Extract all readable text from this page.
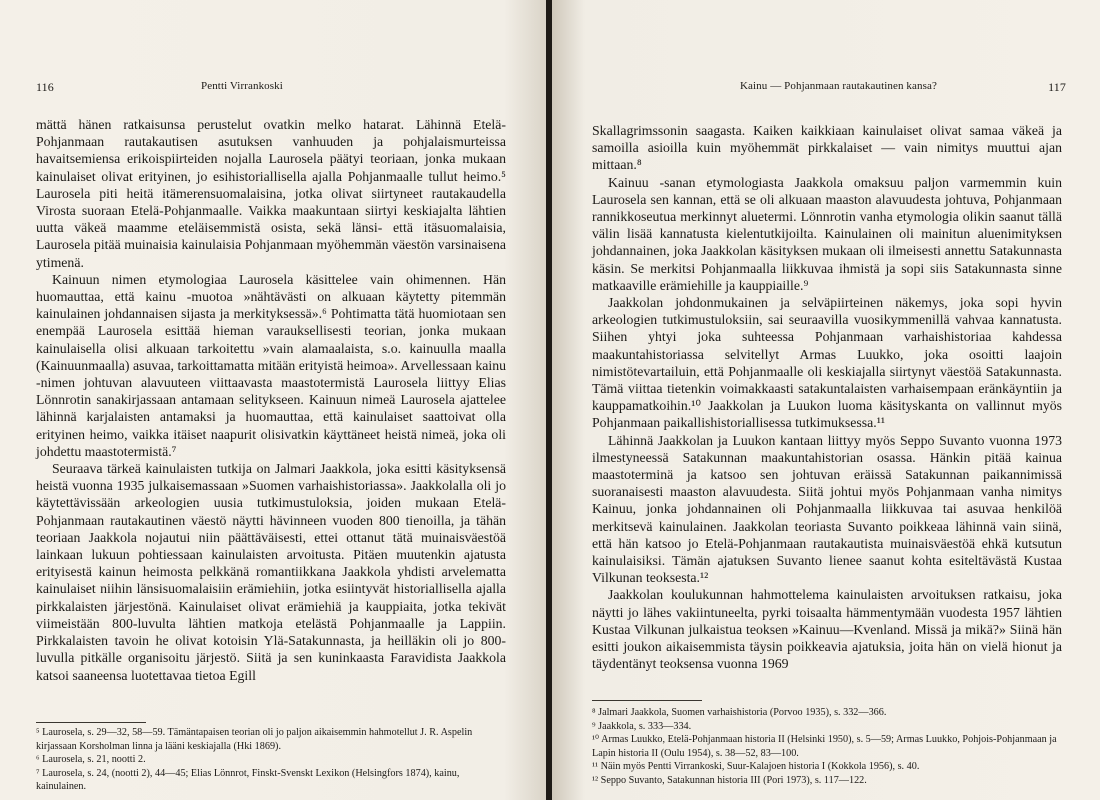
116	Pentti Virrankoski

mättä hänen ratkaisunsa perustelut ovatkin melko hatarat. Lähinnä Etelä-Pohjanmaan rautakautisen asutuksen vanhuuden ja pohjalaismurteissa havaitsemiensa erikoispiirteiden nojalla Laurosela päätyi teoriaan, jonka mukaan kainulaiset olivat erityinen, jo esihistoriallisella ajalla Pohjanmaalle tullut heimo.⁵ Laurosela piti heitä itämerensuomalaisina, jotka olivat siirtyneet rautakaudella Virosta suoraan Etelä-Pohjanmaalle. Vaikka maakuntaan siirtyi keskiajalta lähtien uutta väkeä maamme eteläisemmistä osista, sekä länsi- että itäsuomalaisia, Laurosela pitää muinaisia kainulaisia Pohjanmaan myöhemmän väestön varsinaisena ytimenä.

Kainuun nimen etymologiaa Laurosela käsittelee vain ohimennen. Hän huomauttaa, että kainu -muotoa »nähtävästi on alkuaan käytetty pitemmän kainulainen johdannaisen sijasta ja merkityksessä».⁶ Pohtimatta tätä huomiotaan sen enempää Laurosela esittää hieman varauksellisesti teorian, jonka mukaan kainulaisella olisi alkuaan tarkoitettu »vain alamaalaista, s.o. kainuulla maalla (Kainuunmaalla) asuvaa, tarkoittamatta mitään erityistä heimoa». Arvellessaan kainu -nimen johtuvan alavuuteen viittaavasta maastotermistä Laurosela liittyy Elias Lönnrotin sanakirjassaan antamaan selitykseen. Kainuun nimeä Laurosela ajattelee lähinnä karjalaisten antamaksi ja huomauttaa, että kainulaiset saattoivat olla erityinen heimo, vaikka itäiset naapurit olisivatkin käyttäneet heistä nimeä, joka oli johdettu maastotermistä.⁷

Seuraava tärkeä kainulaisten tutkija on Jalmari Jaakkola, joka esitti käsityksensä heistä vuonna 1935 julkaisemassaan »Suomen varhaishistoriassa». Jaakkolalla oli jo käytettävissään arkeologien uusia tutkimustuloksia, joiden mukaan Etelä-Pohjanmaan rautakautinen väestö näytti hävinneen vuoden 800 tienoilla, ja tähän teoriaan Jaakkola nojautui niin päättäväisesti, ettei ottanut tätä muinaisväestöä lainkaan lukuun pohtiessaan kainulaisten arvoitusta. Pitäen muutenkin ajatusta erityisestä kainun heimosta pelkkänä romantiikkana Jaakkola yhdisti arvelematta kainulaiset niihin länsisuomalaisiin erämiehiin, jotka esiintyvät historiallisella ajalla pirkkalaisten järjestönä. Kainulaiset olivat erämiehiä ja kauppiaita, jotka tekivät viimeistään 800-luvulta lähtien matkoja etelästä Pohjanmaalle ja Lappiin. Pirkkalaisten tavoin he olivat kotoisin Ylä-Satakunnasta, ja heilläkin oli jo 800-luvulla pitkälle organisoitu järjestö. Siitä ja sen kuninkaasta Faravidista Jaakkola katsoi saaneensa luotettavaa tietoa Egill

⁵ Laurosela, s. 29—32, 58—59. Tämäntapaisen teorian oli jo paljon aikaisemmin hahmotellut J. R. Aspelin kirjassaan Korsholman linna ja lääni keskiajalla (Hki 1869).

⁶ Laurosela, s. 21, nootti 2.

⁷ Laurosela, s. 24, (nootti 2), 44—45; Elias Lönnrot, Finskt-Svenskt Lexikon (Helsingfors 1874), kainu, kainulainen.

Kainu — Pohjanmaan rautakautinen kansa?	117

Skallagrimssonin saagasta. Kaiken kaikkiaan kainulaiset olivat samaa väkeä ja samoilla asioilla kuin myöhemmät pirkkalaiset — vain nimitys muuttui ajan mittaan.⁸

Kainuu -sanan etymologiasta Jaakkola omaksuu paljon varmemmin kuin Laurosela sen kannan, että se oli alkuaan maaston alavuudesta johtuva, Pohjanmaan rannikkoseutua merkinnyt aluetermi. Lönnrotin vanha etymologia olikin saanut tällä välin lisää kannatusta kielentutkijoilta. Kainulainen oli mainitun aluenimityksen johdannainen, joka Jaakkolan käsityksen mukaan oli ilmeisesti annettu Satakunnasta käsin. Se merkitsi Pohjanmaalla liikkuvaa ihmistä ja sopi siis Satakunnasta sinne matkaaville erämiehille ja kauppiaille.⁹

Jaakkolan johdonmukainen ja selväpiirteinen näkemys, joka sopi hyvin arkeologien tutkimustuloksiin, sai seuraavilla vuosikymmenillä vahvaa kannatusta. Siihen yhtyi joka suhteessa Pohjanmaan varhaishistoriaa kahdessa maakuntahistoriassa selvitellyt Armas Luukko, joka osoitti laajoin nimistötevartailuin, että Pohjanmaalle oli keskiajalla siirtynyt väestöä Satakunnasta. Tämä viittaa tietenkin voimakkaasti satakuntalaisten varhaisempaan eränkäyntiin ja kauppamatkoihin.¹⁰ Jaakkolan ja Luukon luoma käsityskanta on vallinnut myös Pohjanmaan paikallishistoriallisessa tutkimuksessa.¹¹

Lähinnä Jaakkolan ja Luukon kantaan liittyy myös Seppo Suvanto vuonna 1973 ilmestyneessä Satakunnan maakuntahistorian osassa. Hänkin pitää kainua maastoterminä ja katsoo sen johtuvan eräissä Satakunnan paikannimissä suoranaisesti maaston alavuudesta. Siitä johtui myös Pohjanmaan vanha nimitys Kainuu, jonka johdannainen oli Pohjanmaalla liikkuvaa tai asuvaa henkilöä merkitsevä kainulainen. Jaakkolan teoriasta Suvanto poikkeaa lähinnä vain siinä, että hän katsoo jo Etelä-Pohjanmaan rautakautista muinaisväestöä ehkä kutsutun kainulaisiksi. Tämän ajatuksen Suvanto lienee saanut kohta esiteltävästä Kustaa Vilkunan teoksesta.¹²

Jaakkolan koulukunnan hahmottelema kainulaisten arvoituksen ratkaisu, joka näytti jo lähes vakiintuneelta, pyrki toisaalta hämmentymään vuodesta 1957 lähtien Kustaa Vilkunan julkaistua teoksen »Kainuu—Kvenland. Missä ja mikä?» Siinä hän esitti joukon aikaisemmista täysin poikkeavia ajatuksia, joita hän on vielä hionut ja täydentänyt teoksensa vuonna 1969

⁸ Jalmari Jaakkola, Suomen varhaishistoria (Porvoo 1935), s. 332—366.

⁹ Jaakkola, s. 333—334.

¹⁰ Armas Luukko, Etelä-Pohjanmaan historia II (Helsinki 1950), s. 5—59; Armas Luukko, Pohjois-Pohjanmaan ja Lapin historia II (Oulu 1954), s. 38—52, 83—100.

¹¹ Näin myös Pentti Virrankoski, Suur-Kalajoen historia I (Kokkola 1956), s. 40.

¹² Seppo Suvanto, Satakunnan historia III (Pori 1973), s. 117—122.
